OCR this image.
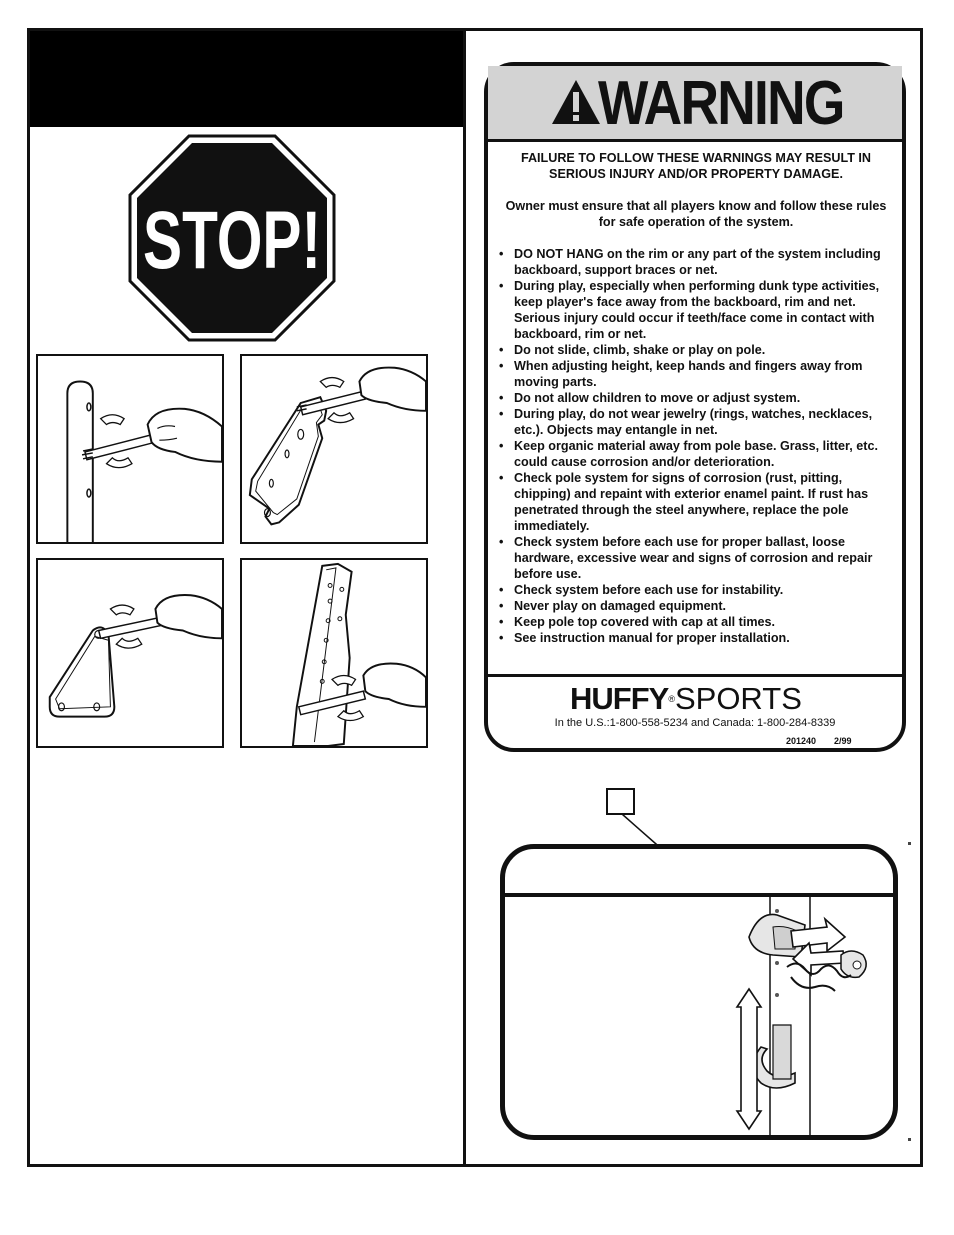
STOP!
WARNING

FAILURE TO FOLLOW THESE WARNINGS MAY RESULT IN SERIOUS INJURY AND/OR PROPERTY DAMAGE.

Owner must ensure that all players know and follow these rules for safe operation of the system.

• DO NOT HANG on the rim or any part of the system including backboard, support braces or net.
• During play, especially when performing dunk type activities, keep player's face away from the backboard, rim and net. Serious injury could occur if teeth/face come in contact with backboard, rim or net.
• Do not slide, climb, shake or play on pole.
• When adjusting height, keep hands and fingers away from moving parts.
• Do not allow children to move or adjust system.
• During play, do not wear jewelry (rings, watches, necklaces, etc.). Objects may entangle in net.
• Keep organic material away from pole base. Grass, litter, etc. could cause corrosion and/or deterioration.
• Check pole system for signs of corrosion (rust, pitting, chipping) and repaint with exterior enamel paint. If rust has penetrated through the steel anywhere, replace the pole immediately.
• Check system before each use for proper ballast, loose hardware, excessive wear and signs of corrosion and repair before use.
• Check system before each use for instability.
• Never play on damaged equipment.
• Keep pole top covered with cap at all times.
• See instruction manual for proper installation.
HUFFY®SPORTS
In the U.S.:1-800-558-5234 and Canada: 1-800-284-8339
201240 2/99
